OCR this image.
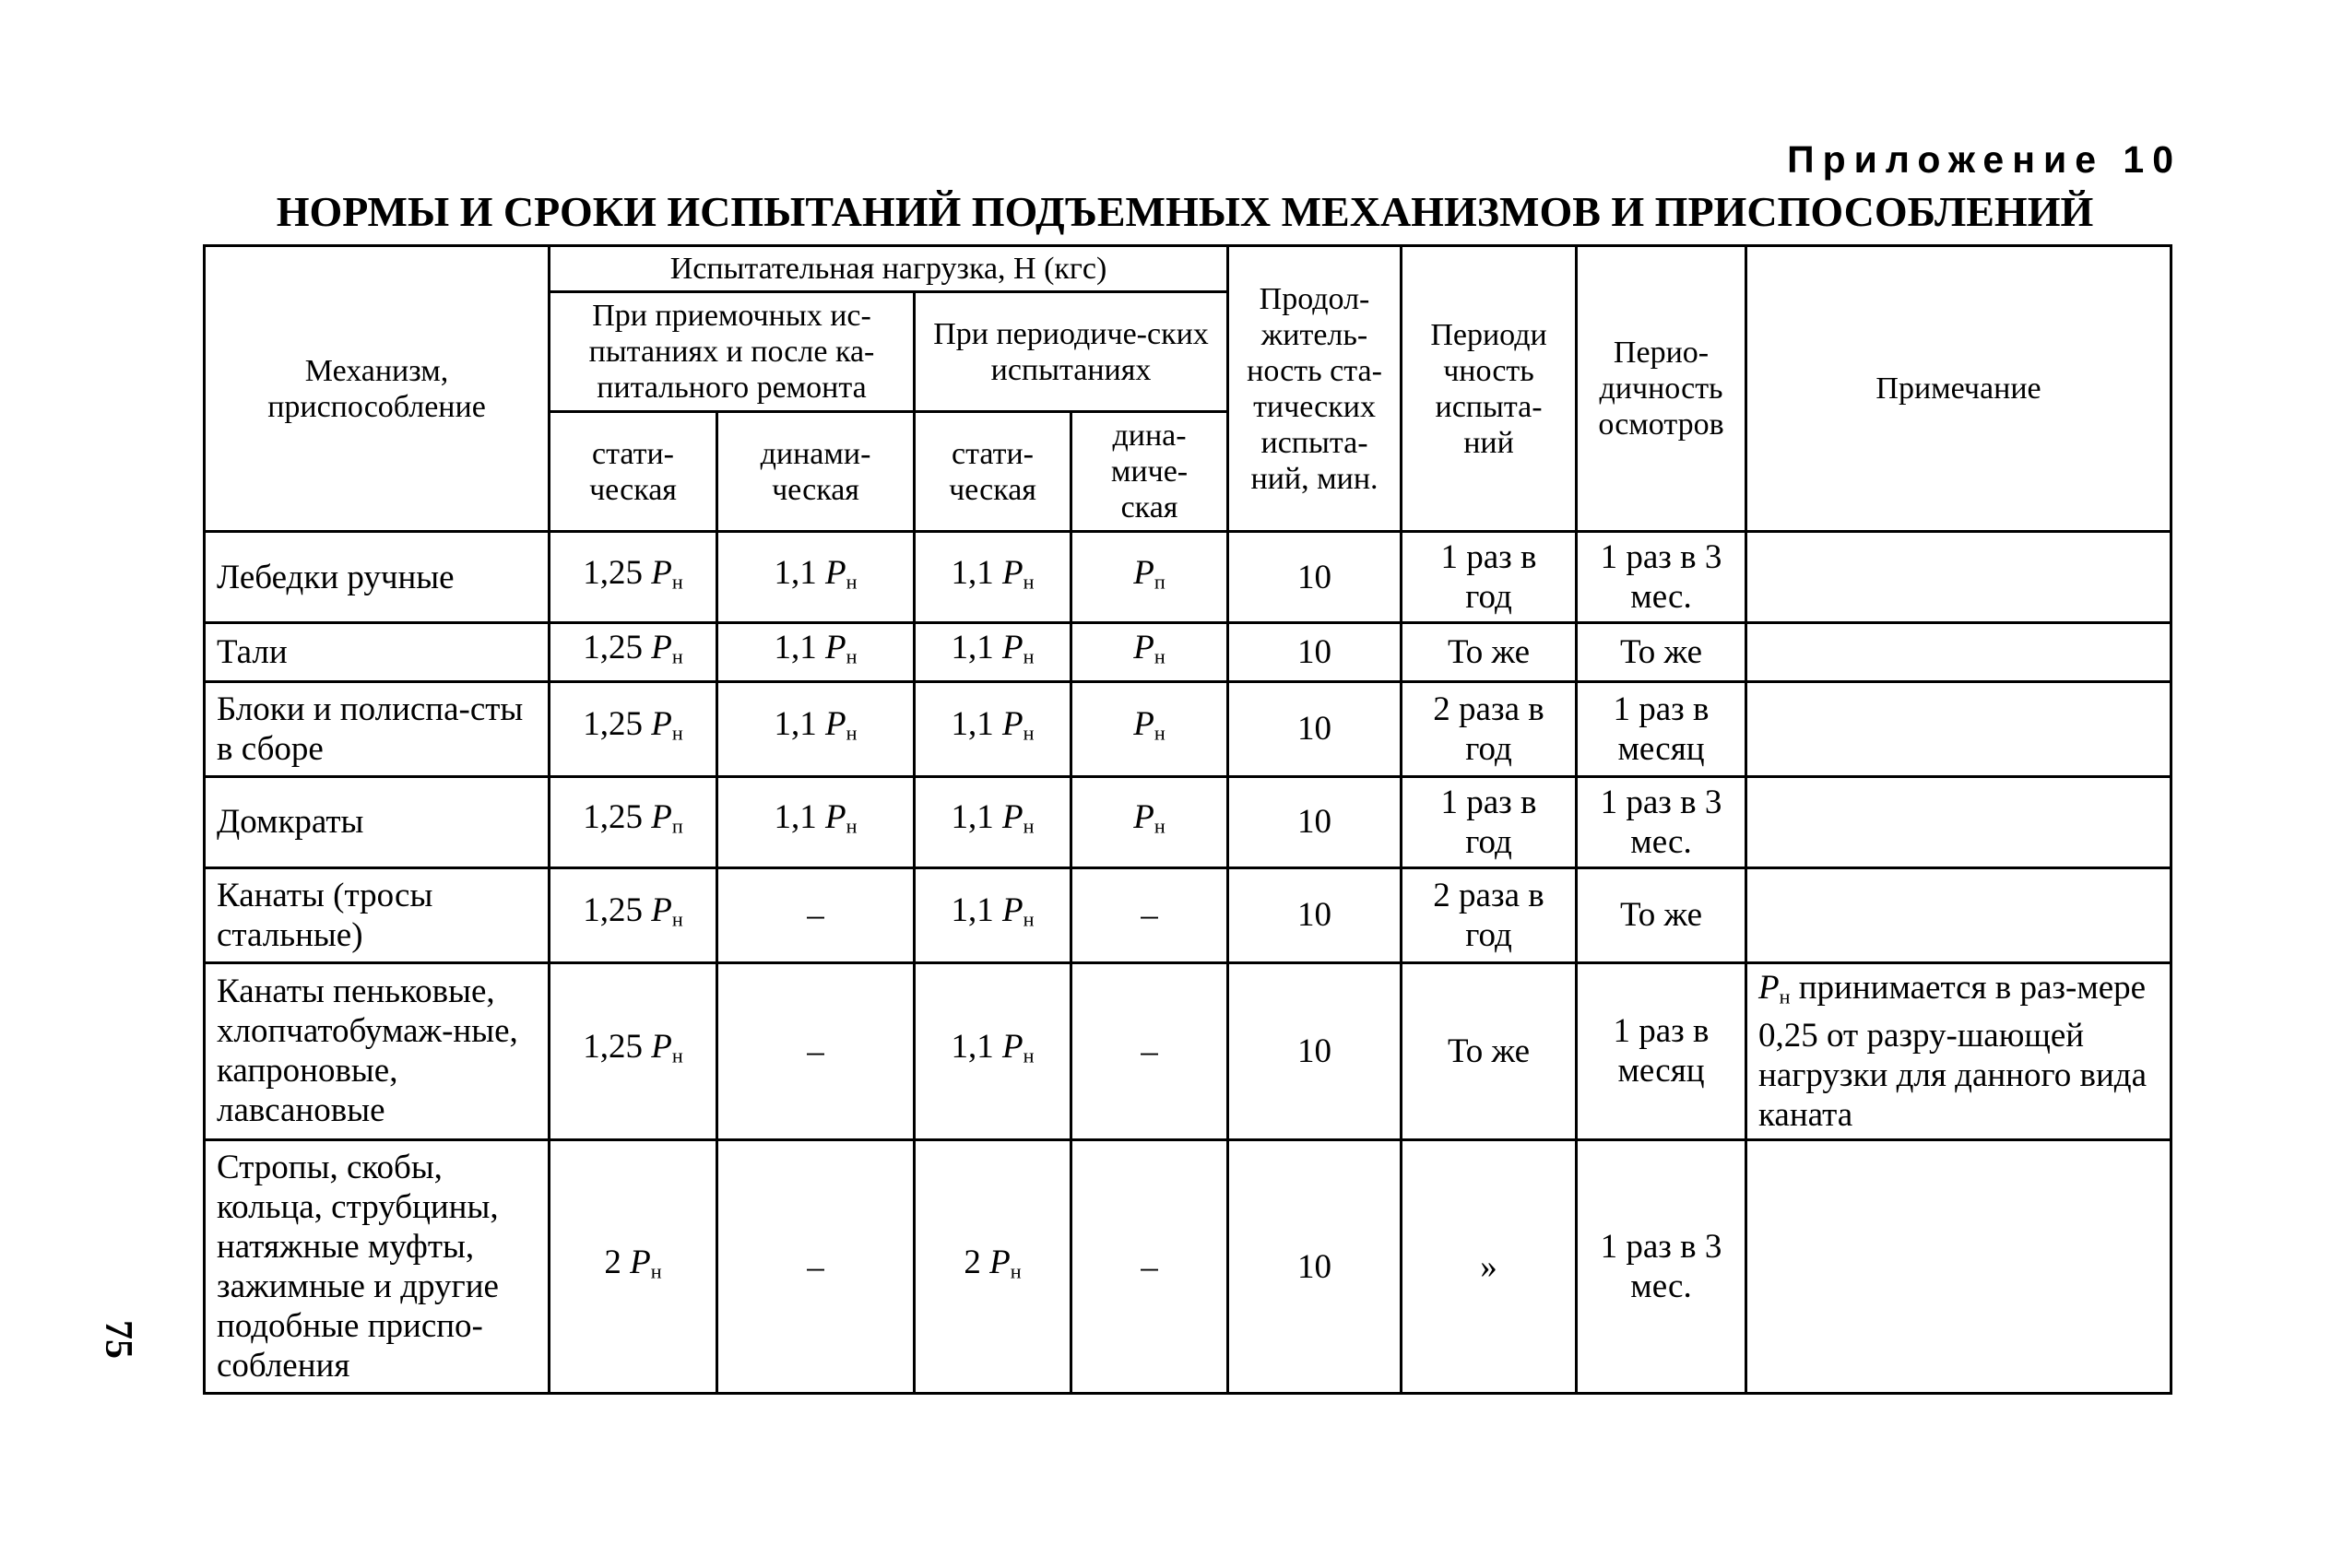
Приложение 10
НОРМЫ И СРОКИ ИСПЫТАНИЙ ПОДЪЕМНЫХ МЕХАНИЗМОВ И ПРИСПОСОБЛЕНИЙ
75
Механизм, приспособление	Испытательная нагрузка, Н (кгс)				Продол-житель-ность ста-тических испыта-ний, мин.	Периоди чность испыта-ний	Перио-дичность осмотров	Примечание
	При приемочных ис-пытаниях и после ка-питального ремонта		При периодиче-ских испытаниях					
	стати-ческая	динами-ческая	стати-ческая	дина-миче-ская				
Лебедки ручные	1,25 $P_н$	1,1 $P_н$	1,1 $P_н$	$P_п$	10	1 раз в год	1 раз в 3 мес.	
Тали	1,25 $P_н$	1,1 $P_н$	1,1 $P_н$	$P_н$	10	То же	То же	
Блоки и полиспа-сты в сборе	1,25 $P_н$	1,1 $P_н$	1,1 $P_н$	$P_н$	10	2 раза в год	1 раз в месяц	
Домкраты	1,25 $P_п$	1,1 $P_н$	1,1 $P_н$	$P_н$	10	1 раз в год	1 раз в 3 мес.	
Канаты (тросы стальные)	1,25 $P_н$	–	1,1 $P_н$	–	10	2 раза в год	То же	
Канаты пеньковые, хлопчатобумаж-ные, капроновые, лавсановые	1,25 $P_н$	–	1,1 $P_н$	–	10	То же	1 раз в месяц	$P_н$ принимается в раз-мере 0,25 от разру-шающей нагрузки для данного вида каната
Стропы, скобы, кольца, струбцины, натяжные муфты, зажимные и другие подобные приспо-собления	2 $P_н$	–	2 $P_н$	–	10	»	1 раз в 3 мес.	
